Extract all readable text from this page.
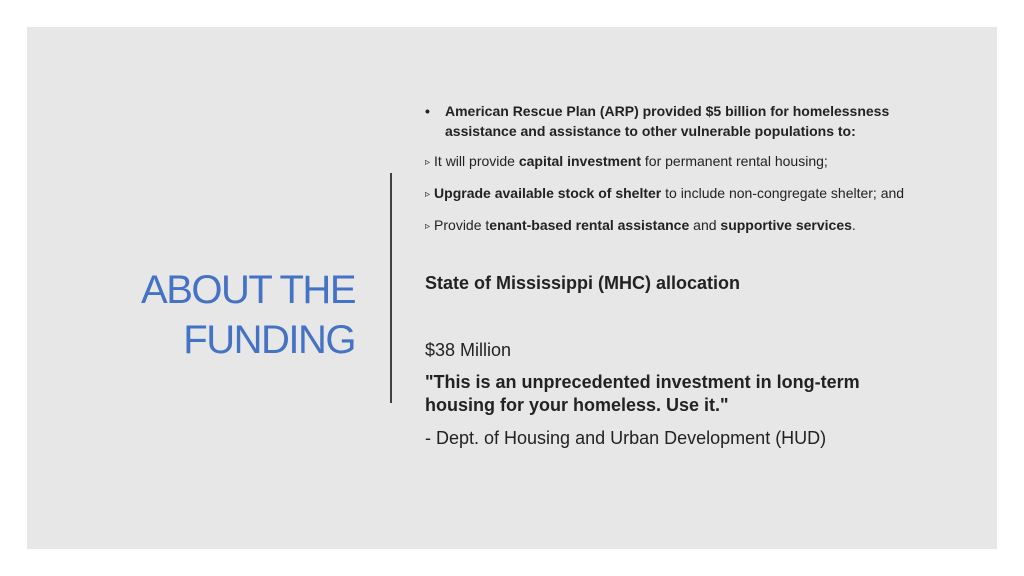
ABOUT THE
FUNDING
• American Rescue Plan (ARP) provided $5 billion for homelessness assistance and assistance to other vulnerable populations to:
▹ It will provide capital investment for permanent rental housing;
▹ Upgrade available stock of shelter to include non-congregate shelter; and
▹ Provide tenant-based rental assistance and supportive services.
State of Mississippi (MHC) allocation
$38 Million
"This is an unprecedented investment in long-term housing for your homeless. Use it."
- Dept. of Housing and Urban Development (HUD)
